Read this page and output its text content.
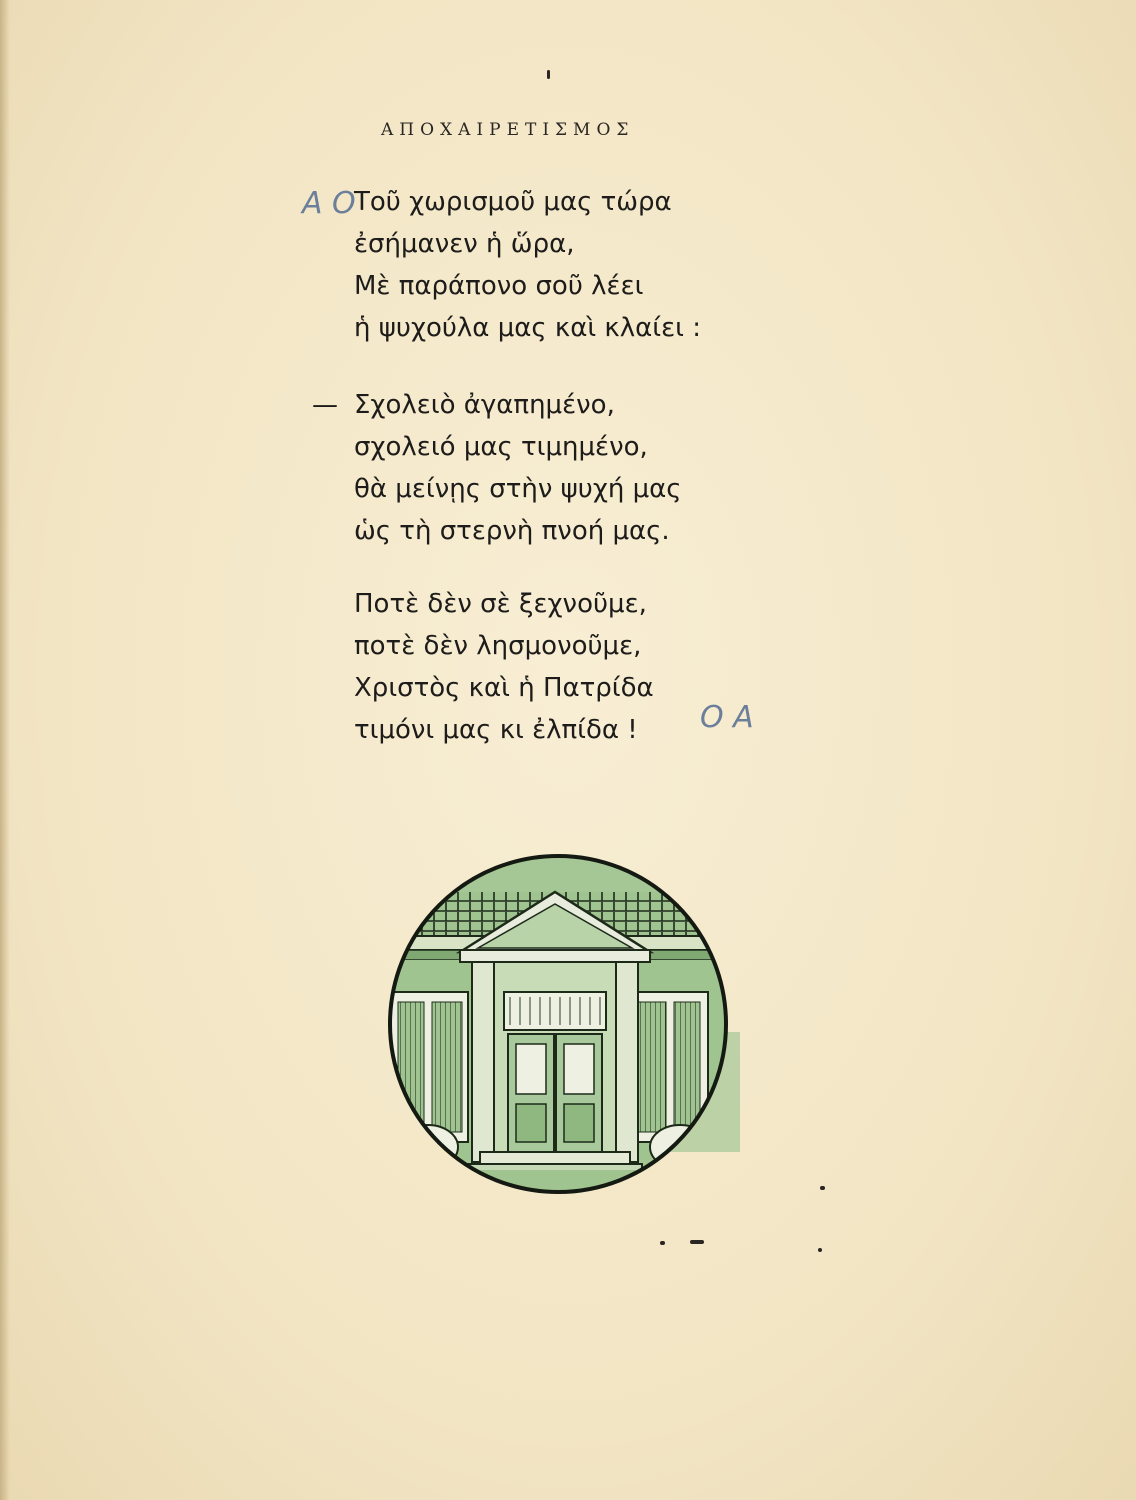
ΑΠΟΧΑΙΡΕΤΙΣΜΟΣ
Α Ο
Τοῦ χωρισμοῦ μας τώρα
ἐσήμανεν ἡ ὥρα,
Μὲ παράπονο σοῦ λέει
ἡ ψυχούλα μας καὶ κλαίει :
— Σχολειὸ ἀγαπημένο,
σχολειό μας τιμημένο,
θὰ μείνῃς στὴν ψυχή μας
ὡς τὴ στερνὴ πνοή μας.
Ποτὲ δὲν σὲ ξεχνοῦμε,
ποτὲ δὲν λησμονοῦμε,
Χριστὸς καὶ ἡ Πατρίδα
τιμόνι μας κι ἐλπίδα !	Ο Α
